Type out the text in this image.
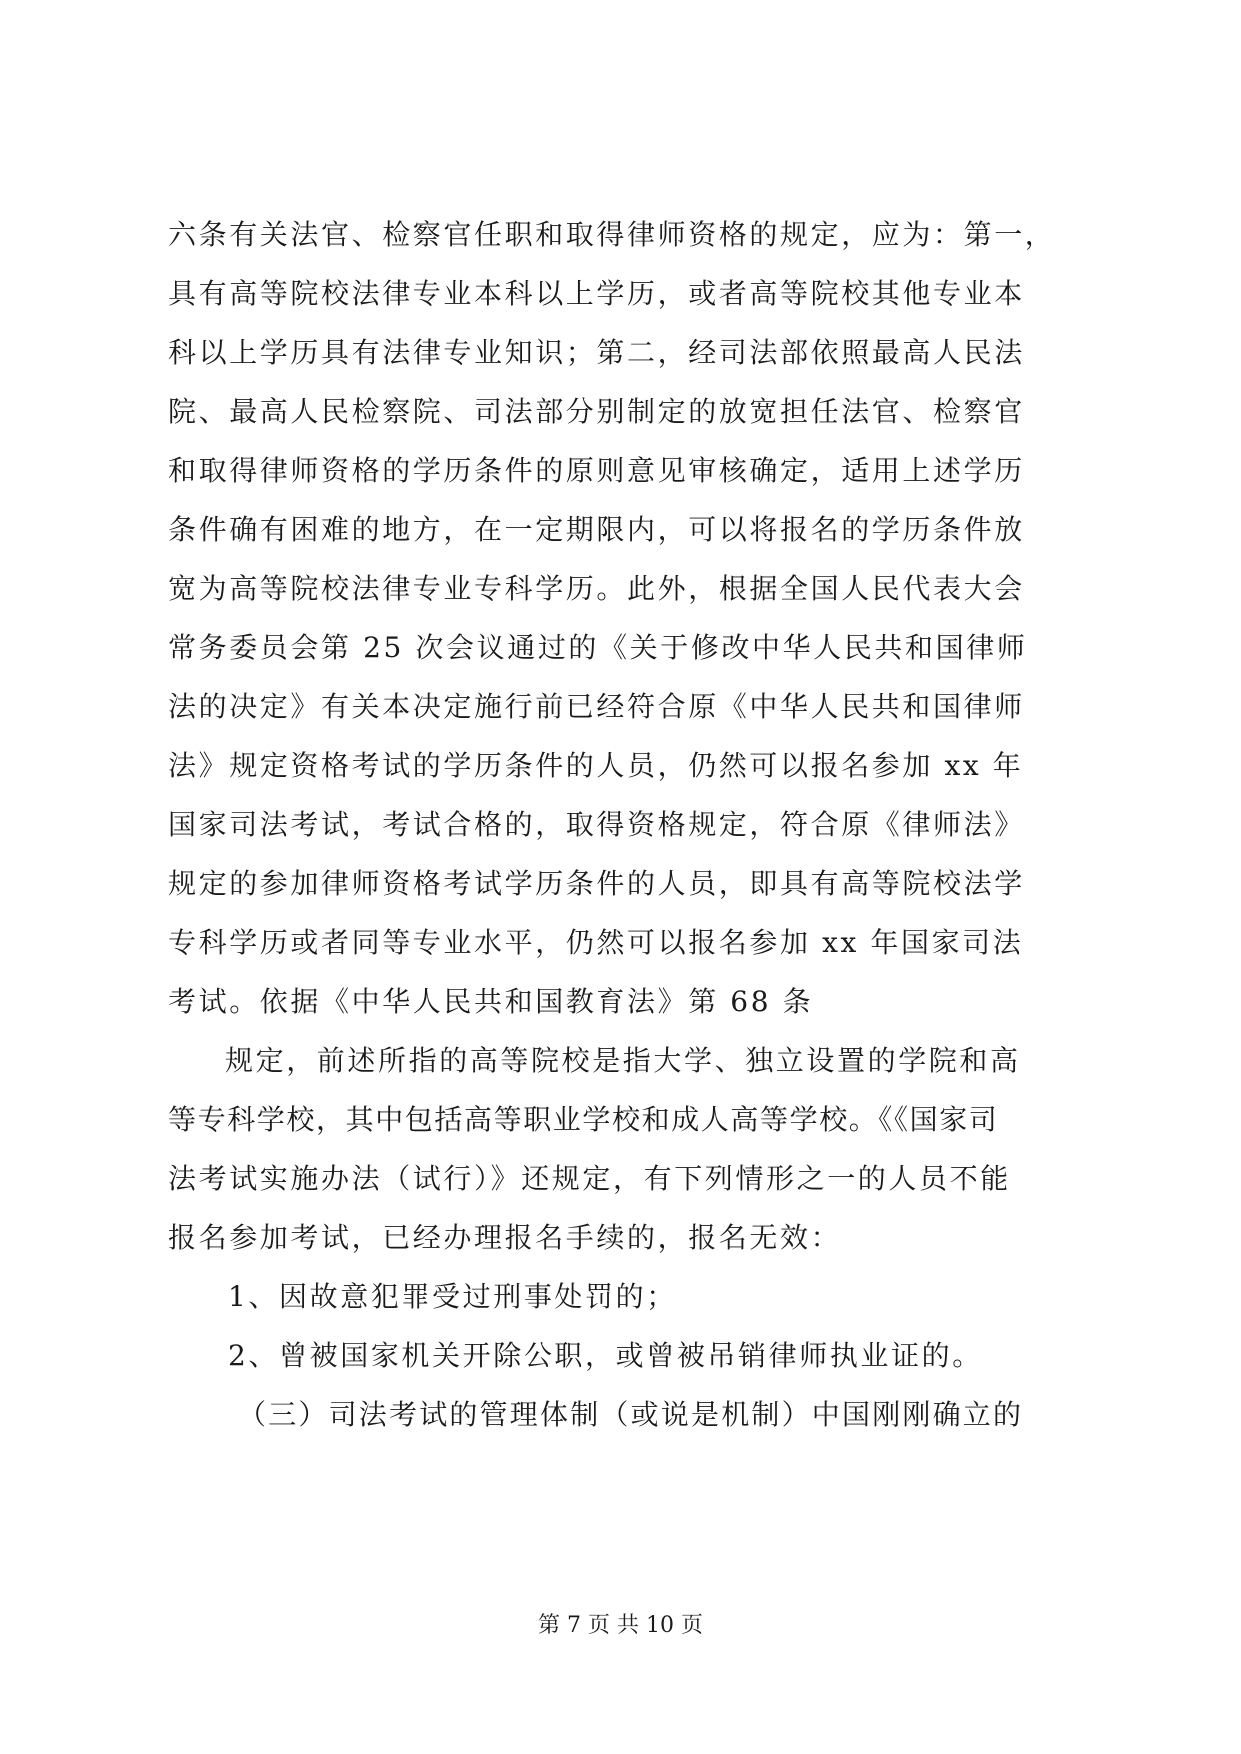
六条有关法官、检察官任职和取得律师资格的规定，应为：第一，
具有高等院校法律专业本科以上学历，或者高等院校其他专业本
科以上学历具有法律专业知识；第二，经司法部依照最高人民法
院、最高人民检察院、司法部分别制定的放宽担任法官、检察官
和取得律师资格的学历条件的原则意见审核确定，适用上述学历
条件确有困难的地方，在一定期限内，可以将报名的学历条件放
宽为高等院校法律专业专科学历。此外，根据全国人民代表大会
常务委员会第 25 次会议通过的《关于修改中华人民共和国律师
法的决定》有关本决定施行前已经符合原《中华人民共和国律师
法》规定资格考试的学历条件的人员，仍然可以报名参加 xx 年
国家司法考试，考试合格的，取得资格规定，符合原《律师法》
规定的参加律师资格考试学历条件的人员，即具有高等院校法学
专科学历或者同等专业水平，仍然可以报名参加 xx 年国家司法
考试。依据《中华人民共和国教育法》第 68 条
规定，前述所指的高等院校是指大学、独立设置的学院和高
等专科学校，其中包括高等职业学校和成人高等学校。《《国家司
法考试实施办法（试行）》还规定，有下列情形之一的人员不能
报名参加考试，已经办理报名手续的，报名无效：
1、因故意犯罪受过刑事处罚的；
2、曾被国家机关开除公职，或曾被吊销律师执业证的。
（三）司法考试的管理体制（或说是机制）中国刚刚确立的
第 7 页 共 10 页
